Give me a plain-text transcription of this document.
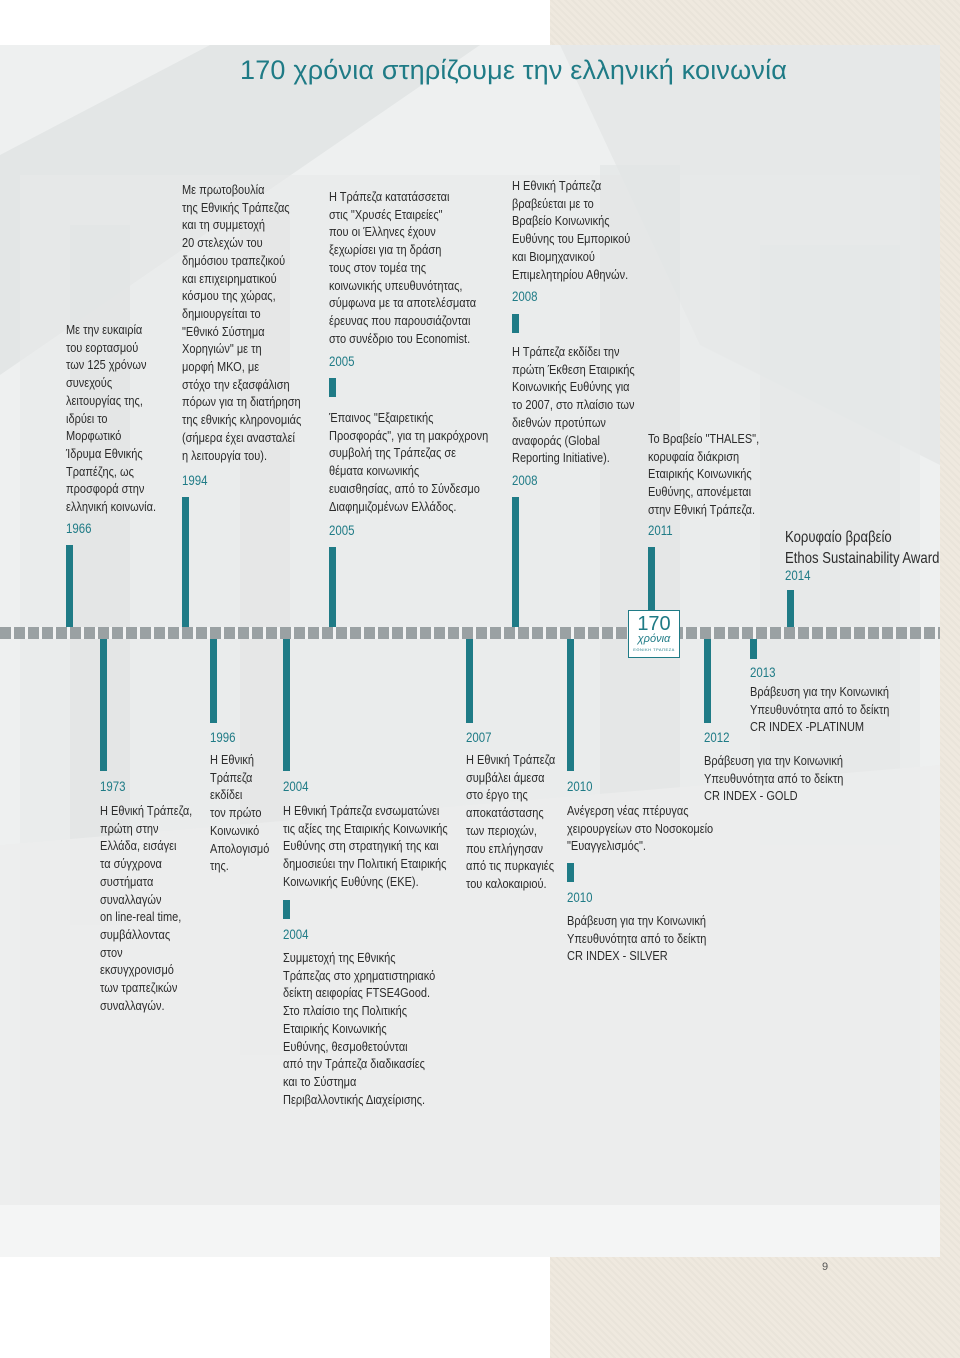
170 χρόνια στηρίζουμε την ελληνική κοινωνία

Με την ευκαιρία
του εορτασμού
των 125 χρόνων
συνεχούς
λειτουργίας της,
ιδρύει το
Μορφωτικό
Ίδρυμα Εθνικής
Τραπέζης, ως
προσφορά στην
ελληνική κοινωνία.

1966

Με πρωτοβουλία
της Εθνικής Τράπεζας
και τη συμμετοχή
20 στελεχών του
δημόσιου τραπεζικού
και επιχειρηματικού
κόσμου της χώρας,
δημιουργείται το
"Εθνικό Σύστημα
Χορηγιών" με τη
μορφή ΜΚΟ, με
στόχο την εξασφάλιση
πόρων για τη διατήρηση
της εθνικής κληρονομιάς
(σήμερα έχει ανασταλεί
η λειτουργία του).

1994

Η Τράπεζα κατατάσσεται
στις "Χρυσές Εταιρείες"
που οι Έλληνες έχουν
ξεχωρίσει για τη δράση
τους στον τομέα της
κοινωνικής υπευθυνότητας,
σύμφωνα με τα αποτελέσματα
έρευνας που παρουσιάζονται
στο συνέδριο του Economist.

2005

Έπαινος "Εξαιρετικής
Προσφοράς", για τη μακρόχρονη
συμβολή της Τράπεζας σε
θέματα κοινωνικής
ευαισθησίας, από το Σύνδεσμο
Διαφημιζομένων Ελλάδος.

2005

Η Εθνική Τράπεζα
βραβεύεται με το
Βραβείο Κοινωνικής
Ευθύνης του Εμπορικού
και Βιομηχανικού
Επιμελητηρίου Αθηνών.

2008

Η Τράπεζα εκδίδει την
πρώτη Έκθεση Εταιρικής
Κοινωνικής Ευθύνης για
το 2007, στο πλαίσιο των
διεθνών προτύπων
αναφοράς (Global
Reporting Initiative).

2008

Το Βραβείο "THALES",
κορυφαία διάκριση
Εταιρικής Κοινωνικής
Ευθύνης, απονέμεται
στην Εθνική Τράπεζα.

2011	Κορυφαίο βραβείο
Ethos Sustainability Award

2014
170
χρόνια
ΕΘΝΙΚΗ ΤΡΑΠΕΖΑ
1973

Η Εθνική Τράπεζα,
πρώτη στην
Ελλάδα, εισάγει
τα σύγχρονα
συστήματα
συναλλαγών
on line-real time,
συμβάλλοντας
στον
εκσυγχρονισμό
των τραπεζικών
συναλλαγών.

1996

Η Εθνική
Τράπεζα
εκδίδει
τον πρώτο
Κοινωνικό
Απολογισμό
της.

2004

Η Εθνική Τράπεζα ενσωματώνει
τις αξίες της Εταιρικής Κοινωνικής
Ευθύνης στη στρατηγική της και
δημοσιεύει την Πολιτική Εταιρικής
Κοινωνικής Ευθύνης (ΕΚΕ).

2004

Συμμετοχή της Εθνικής
Τράπεζας στο χρηματιστηριακό
δείκτη αειφορίας FTSE4Good.
Στο πλαίσιο της Πολιτικής
Εταιρικής Κοινωνικής
Ευθύνης, θεσμοθετούνται
από την Τράπεζα διαδικασίες
και το Σύστημα
Περιβαλλοντικής Διαχείρισης.

2007

Η Εθνική Τράπεζα
συμβάλει άμεσα
στο έργο της
αποκατάστασης
των περιοχών,
που επλήγησαν
από τις πυρκαγιές
του καλοκαιριού.

2010

Ανέγερση νέας πτέρυγας
χειρουργείων στο Νοσοκομείο
"Ευαγγελισμός".

2010

Βράβευση για την Κοινωνική
Υπευθυνότητα από το δείκτη
CR INDEX - SILVER

2012

Βράβευση για την Κοινωνική
Υπευθυνότητα από το δείκτη
CR INDEX - GOLD

2013

Βράβευση για την Κοινωνική
Υπευθυνότητα από το δείκτη
CR INDEX -PLATINUM

9
